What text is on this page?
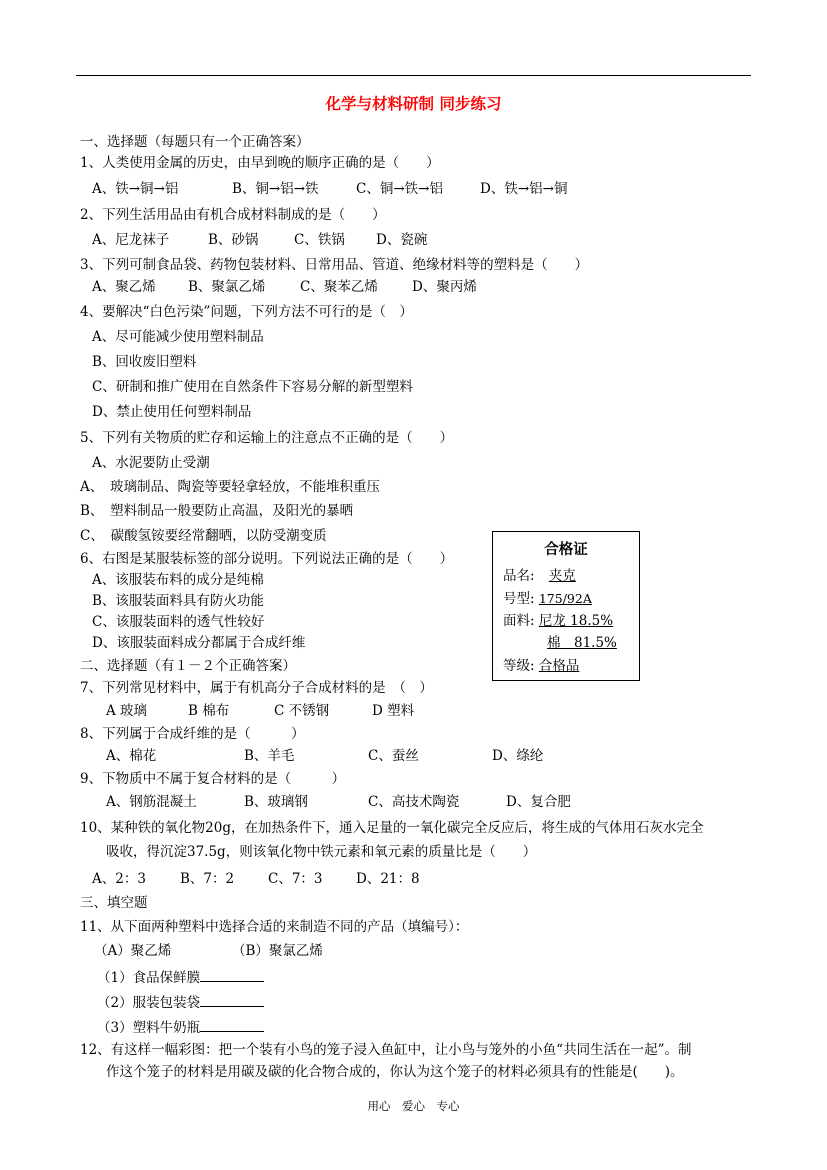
化学与材料研制 同步练习
一、选择题（每题只有一个正确答案）
1、人类使用金属的历史，由早到晚的顺序正确的是（　　）
A、铁→铜→铝	B、铜→铝→铁	C、铜→铁→铝	D、铁→铝→铜
2、下列生活用品由有机合成材料制成的是（　　）
A、尼龙袜子	B、砂锅	C、铁锅 D、瓷碗
3、下列可制食品袋、药物包装材料、日常用品、管道、绝缘材料等的塑料是（　　）
A、聚乙烯 B、聚氯乙烯	C、聚苯乙烯	D、聚丙烯
4、要解决“白色污染”问题，下列方法不可行的是（　）
A、尽可能减少使用塑料制品
B、回收废旧塑料
C、研制和推广使用在自然条件下容易分解的新型塑料
D、禁止使用任何塑料制品
5、下列有关物质的贮存和运输上的注意点不正确的是（　　）
A、水泥要防止受潮
A、　玻璃制品、陶瓷等要轻拿轻放，不能堆积重压
B、　塑料制品一般要防止高温，及阳光的暴晒
C、　碳酸氢铵要经常翻晒，以防受潮变质
6、右图是某服装标签的部分说明。下列说法正确的是（　　）
A、该服装布料的成分是纯棉
B、该服装面料具有防火功能
C、该服装面料的透气性较好
D、该服装面料成分都属于合成纤维
合格证
品名: 夹克
号型: 175/92A
面料: 尼龙 18.5%
棉　81.5%
等级: 合格品
二、选择题（有１－２个正确答案）
7、下列常见材料中，属于有机高分子合成材料的是　（　）
A 玻璃	B 棉布	C 不锈钢	D 塑料
8、下列属于合成纤维的是（　　　）
A、棉花	B、羊毛	C、蚕丝	D、绦纶
9、下物质中不属于复合材料的是（　　　）
A、钢筋混凝土	B、玻璃钢	C、高技术陶瓷	D、复合肥
10、某种铁的氧化物20g，在加热条件下，通入足量的一氧化碳完全反应后，将生成的气体用石灰水完全
吸收，得沉淀37.5g，则该氧化物中铁元素和氧元素的质量比是（　　）
A、2：3	B、7：2	C、7：3 D、21：8
三、填空题
11、从下面两种塑料中选择合适的来制造不同的产品（填编号）：
（A）聚乙烯	（B）聚氯乙烯
（1）食品保鲜膜
（2）服装包装袋
（3）塑料牛奶瓶
12、有这样一幅彩图：把一个装有小鸟的笼子浸入鱼缸中，让小鸟与笼外的小鱼“共同生活在一起”。制
作这个笼子的材料是用碳及碳的化合物合成的，你认为这个笼子的材料必须具有的性能是(　　)。
用心　爱心　专心
